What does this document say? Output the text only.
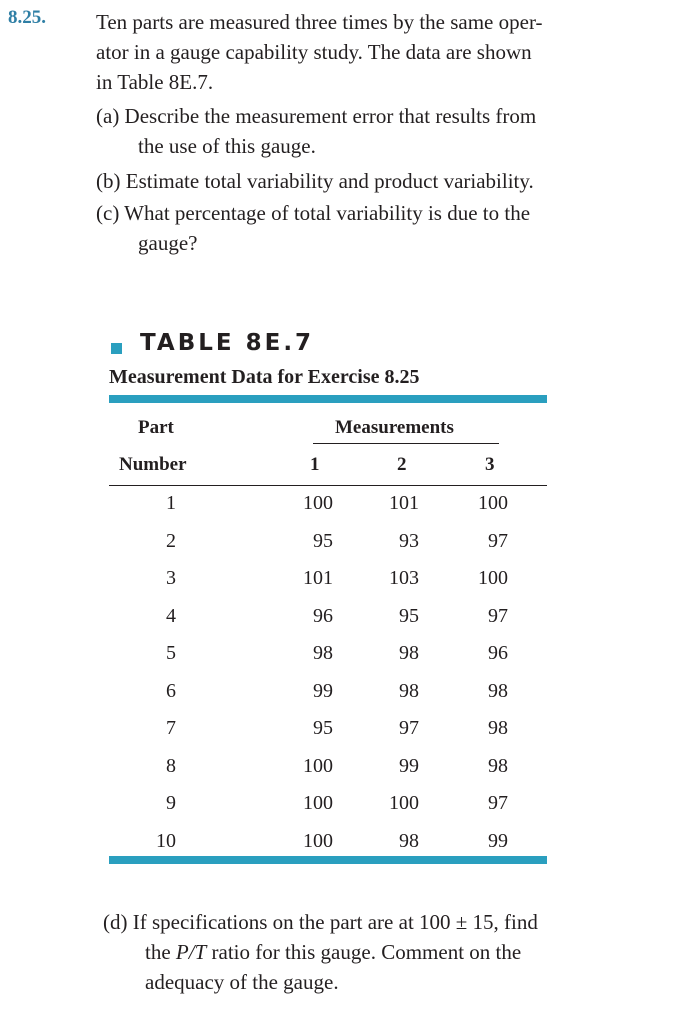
8.25. Ten parts are measured three times by the same oper-
ator in a gauge capability study. The data are shown
in Table 8E.7.
(a) Describe the measurement error that results from
the use of this gauge.
(b) Estimate total variability and product variability.
(c) What percentage of total variability is due to the
gauge?
TABLE 8E.7
Measurement Data for Exercise 8.25
Part	Measurements
Number	1	2	3
1	100	101	100
2	95	93	97
3	101	103	100
4	96	95	97
5	98	98	96
6	99	98	98
7	95	97	98
8	100	99	98
9	100	100	97
10	100	98	99
(d) If specifications on the part are at 100 ± 15, find
the P/T ratio for this gauge. Comment on the
adequacy of the gauge.
